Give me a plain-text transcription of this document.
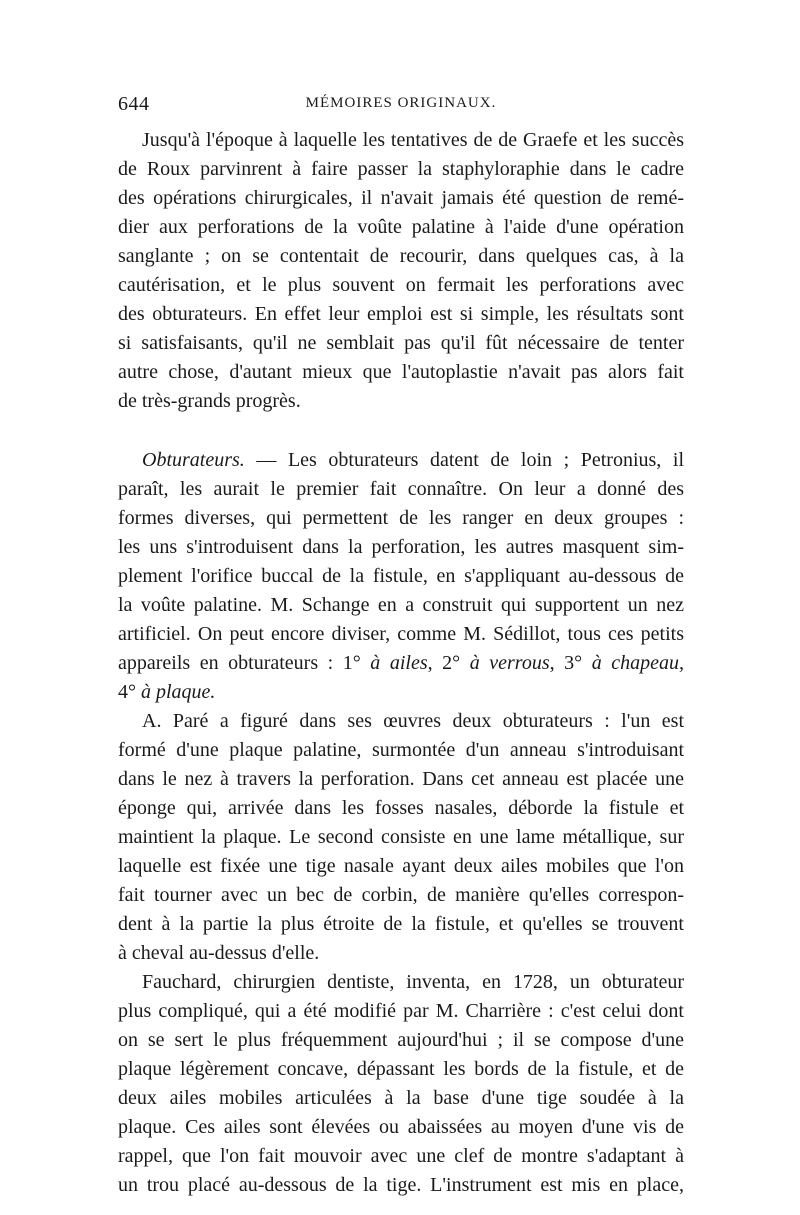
644	MÉMOIRES ORIGINAUX.
Jusqu'à l'époque à laquelle les tentatives de de Graefe et les succès
de Roux parvinrent à faire passer la staphyloraphie dans le cadre
des opérations chirurgicales, il n'avait jamais été question de remé-
dier aux perforations de la voûte palatine à l'aide d'une opération
sanglante ; on se contentait de recourir, dans quelques cas, à la
cautérisation, et le plus souvent on fermait les perforations avec
des obturateurs. En effet leur emploi est si simple, les résultats sont
si satisfaisants, qu'il ne semblait pas qu'il fût nécessaire de tenter
autre chose, d'autant mieux que l'autoplastie n'avait pas alors fait
de très-grands progrès.
Obturateurs. — Les obturateurs datent de loin ; Petronius, il
paraît, les aurait le premier fait connaître. On leur a donné des
formes diverses, qui permettent de les ranger en deux groupes :
les uns s'introduisent dans la perforation, les autres masquent sim-
plement l'orifice buccal de la fistule, en s'appliquant au-dessous de
la voûte palatine. M. Schange en a construit qui supportent un nez
artificiel. On peut encore diviser, comme M. Sédillot, tous ces petits
appareils en obturateurs : 1° à ailes, 2° à verrous, 3° à chapeau,
4° à plaque.
A. Paré a figuré dans ses œuvres deux obturateurs : l'un est
formé d'une plaque palatine, surmontée d'un anneau s'introduisant
dans le nez à travers la perforation. Dans cet anneau est placée une
éponge qui, arrivée dans les fosses nasales, déborde la fistule et
maintient la plaque. Le second consiste en une lame métallique, sur
laquelle est fixée une tige nasale ayant deux ailes mobiles que l'on
fait tourner avec un bec de corbin, de manière qu'elles correspon-
dent à la partie la plus étroite de la fistule, et qu'elles se trouvent
à cheval au-dessus d'elle.
Fauchard, chirurgien dentiste, inventa, en 1728, un obturateur
plus compliqué, qui a été modifié par M. Charrière : c'est celui dont
on se sert le plus fréquemment aujourd'hui ; il se compose d'une
plaque légèrement concave, dépassant les bords de la fistule, et de
deux ailes mobiles articulées à la base d'une tige soudée à la
plaque. Ces ailes sont élevées ou abaissées au moyen d'une vis de
rappel, que l'on fait mouvoir avec une clef de montre s'adaptant à
un trou placé au-dessous de la tige. L'instrument est mis en place,
